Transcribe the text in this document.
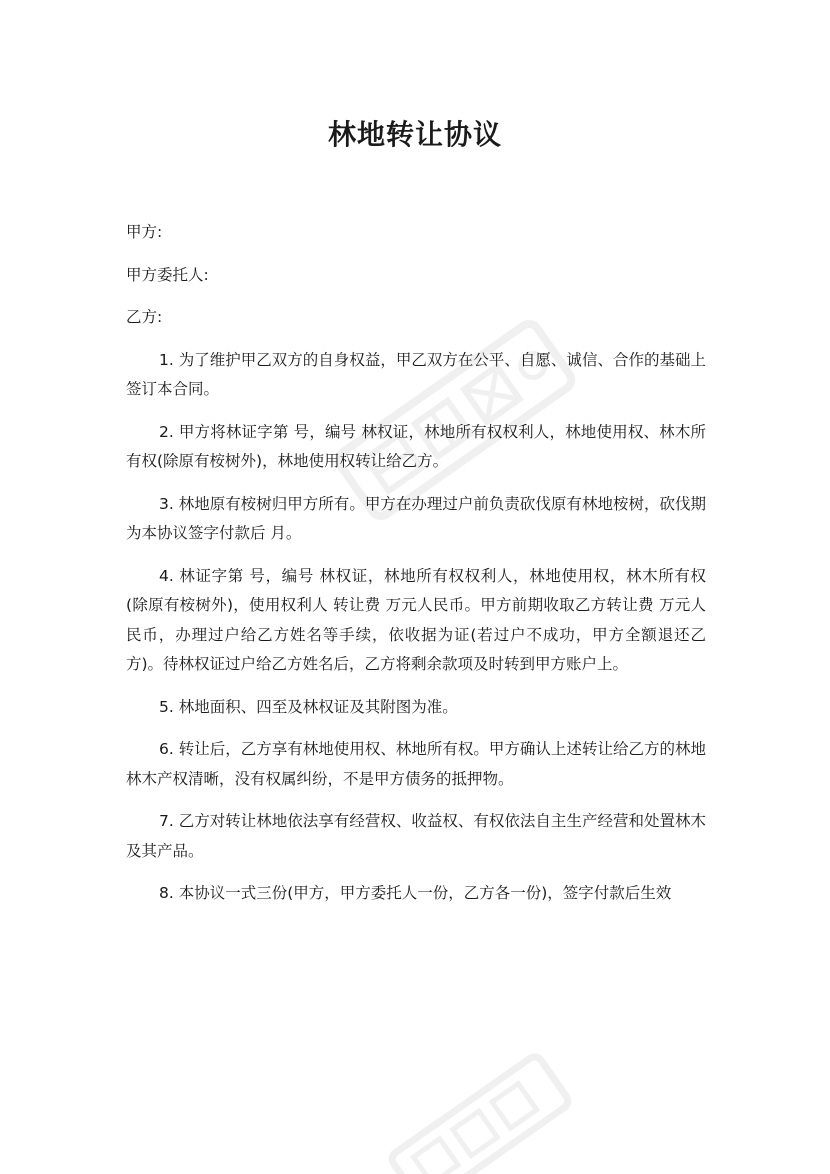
林地转让协议

甲方:

甲方委托人:

乙方:

1. 为了维护甲乙双方的自身权益，甲乙双方在公平、自愿、诚信、合作的基础上签订本合同。

2. 甲方将林证字第 号，编号 林权证，林地所有权权利人，林地使用权、林木所有权(除原有桉树外)，林地使用权转让给乙方。

3. 林地原有桉树归甲方所有。甲方在办理过户前负责砍伐原有林地桉树，砍伐期为本协议签字付款后 月。

4. 林证字第 号，编号 林权证，林地所有权权利人，林地使用权，林木所有权(除原有桉树外)，使用权利人 转让费 万元人民币。甲方前期收取乙方转让费 万元人民币，办理过户给乙方姓名等手续，依收据为证(若过户不成功，甲方全额退还乙方)。待林权证过户给乙方姓名后，乙方将剩余款项及时转到甲方账户上。

5. 林地面积、四至及林权证及其附图为准。

6. 转让后，乙方享有林地使用权、林地所有权。甲方确认上述转让给乙方的林地林木产权清晰，没有权属纠纷，不是甲方债务的抵押物。

7. 乙方对转让林地依法享有经营权、收益权、有权依法自主生产经营和处置林木及其产品。

8. 本协议一式三份(甲方，甲方委托人一份，乙方各一份)，签字付款后生效
